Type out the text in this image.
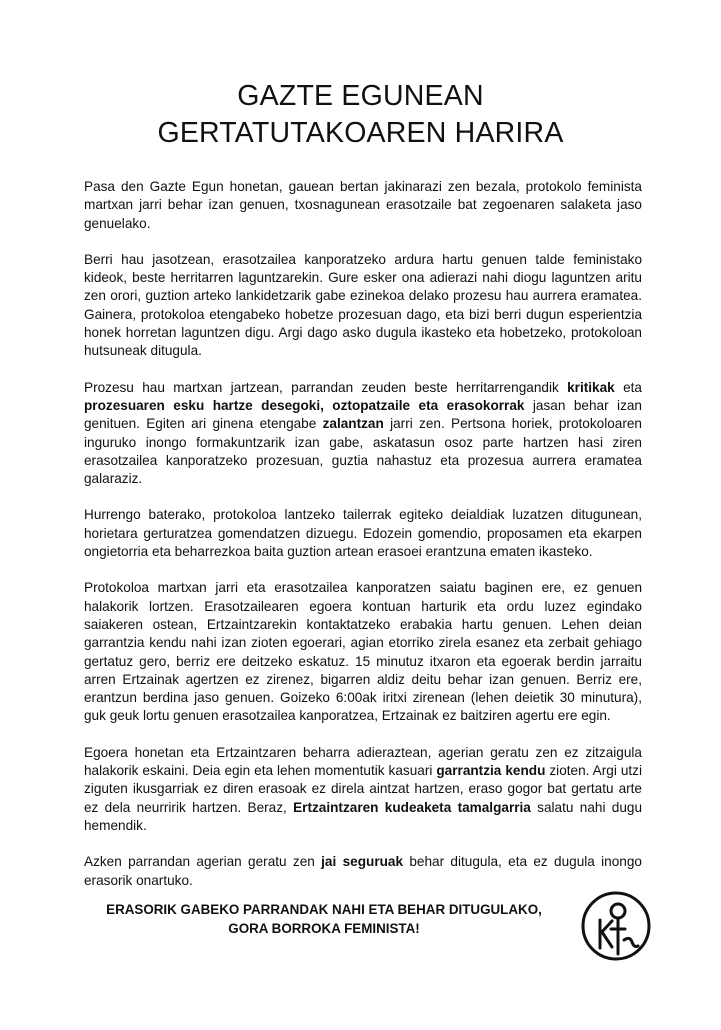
GAZTE EGUNEAN
GERTATUTAKOAREN HARIRA

Pasa den Gazte Egun honetan, gauean bertan jakinarazi zen bezala, protokolo feminista martxan jarri behar izan genuen, txosnagunean erasotzaile bat zegoenaren salaketa jaso genuelako.

Berri hau jasotzean, erasotzailea kanporatzeko ardura hartu genuen talde feministako kideok, beste herritarren laguntzarekin. Gure esker ona adierazi nahi diogu laguntzen aritu zen orori, guztion arteko lankidetzarik gabe ezinekoa delako prozesu hau aurrera eramatea. Gainera, protokoloa etengabeko hobetze prozesuan dago, eta bizi berri dugun esperientzia honek horretan laguntzen digu. Argi dago asko dugula ikasteko eta hobetzeko, protokoloan hutsuneak ditugula.

Prozesu hau martxan jartzean, parrandan zeuden beste herritarrengandik kritikak eta prozesuaren esku hartze desegoki, oztopatzaile eta erasokorrak jasan behar izan genituen. Egiten ari ginena etengabe zalantzan jarri zen. Pertsona horiek, protokoloaren inguruko inongo formakuntzarik izan gabe, askatasun osoz parte hartzen hasi ziren erasotzailea kanporatzeko prozesuan, guztia nahastuz eta prozesua aurrera eramatea galaraziz.

Hurrengo baterako, protokoloa lantzeko tailerrak egiteko deialdiak luzatzen ditugunean, horietara gerturatzea gomendatzen dizuegu. Edozein gomendio, proposamen eta ekarpen ongietorria eta beharrezkoa baita guztion artean erasoei erantzuna ematen ikasteko.

Protokoloa martxan jarri eta erasotzailea kanporatzen saiatu baginen ere, ez genuen halakorik lortzen. Erasotzailearen egoera kontuan harturik eta ordu luzez egindako saiakeren ostean, Ertzaintzarekin kontaktatzeko erabakia hartu genuen. Lehen deian garrantzia kendu nahi izan zioten egoerari, agian etorriko zirela esanez eta zerbait gehiago gertatuz gero, berriz ere deitzeko eskatuz. 15 minutuz itxaron eta egoerak berdin jarraitu arren Ertzainak agertzen ez zirenez, bigarren aldiz deitu behar izan genuen. Berriz ere, erantzun berdina jaso genuen. Goizeko 6:00ak iritxi zirenean (lehen deietik 30 minutura), guk geuk lortu genuen erasotzailea kanporatzea, Ertzainak ez baitziren agertu ere egin.

Egoera honetan eta Ertzaintzaren beharra adieraztean, agerian geratu zen ez zitzaigula halakorik eskaini. Deia egin eta lehen momentutik kasuari garrantzia kendu zioten. Argi utzi ziguten ikusgarriak ez diren erasoak ez direla aintzat hartzen, eraso gogor bat gertatu arte ez dela neurririk hartzen. Beraz, Ertzaintzaren kudeaketa tamalgarria salatu nahi dugu hemendik.

Azken parrandan agerian geratu zen jai seguruak behar ditugula, eta ez dugula inongo erasorik onartuko.

ERASORIK GABEKO PARRANDAK NAHI ETA BEHAR DITUGULAKO,
GORA BORROKA FEMINISTA!
